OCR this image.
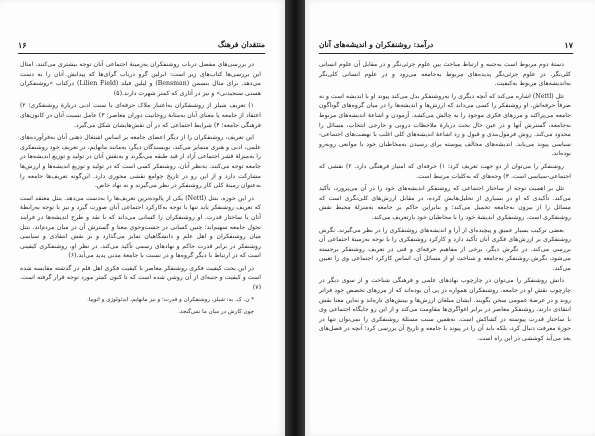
١۶	منتقدان فرهنگ

در بررسی‌های مفصل درباب روشنفکران به‌زمینهٔ اجتماعی آنان توجه بیشتری می‌کنند. امثال این بررسی‌ها کتاب‌های زیر است: ابرلین گرو درباب گرای‌ها که پیدایش آنان را به دست می‌دهد. برای مثال بنسمن (Bensman) و لیلین فیلد (Lilien Field) درکتاب «روشنفکران هستی سنجیدنی» و نیز در آثاری که کمتر شهرت دارند.(۵)

۱) تعریف شیلز از روشنفکران به‌اعتبار ملاک حرفه‌ای با سنت ادبی دربارهٔ روشنفکری؛ ۲) اعتقاد از جامعه یا معنای آنان به‌مثابهٔ روحانیت دوران معاصر؛ ۳) عامل نسبت آنان در کانون‌های فرهنگی جامعه؛ ۴) شرایط اجتماعی که در آن نقش‌هایشان شکل می‌گیرد.

این تعریف، روشنفکران را از دیگر اعضای جامعه بر اساس اشتغال ذهنی آنان به‌فرآورده‌های علمی، ادبی و هنری متمایز می‌کند. نویسندگان دیگر، به‌مانند مانهایم، در تعریف خود روشنفکری را به‌منزلهٔ قشر اجتماعی آزاد از قید طبقه می‌نگرند و به‌نقش آنان در تولید و توزیع اندیشه‌ها در جامعه توجه می‌کنند. به‌نظر آنان، روشنفکر کسی است که در تولید و توزیع اندیشه‌ها و ارزش‌ها مشارکت دارد و از این رو در تاریخ جوامع نقشی محوری دارد. این‌گونه تعریف‌ها جامعه را به‌عنوان زمینهٔ کلی کار روشنفکر در نظر می‌گیرند و نه نهاد خاص.

در این حوزه، بنتل (Nettl) یکی از پالوده‌ترین تعریف‌ها را به‌دست می‌دهد. بنتل معتقد است که تعریف روشنفکر باید تنها با توجه به‌کارکرد اجتماعی آنان صورت گیرد و نیز با توجه به‌رابطهٔ آنان با ساختار قدرت. او روشنفکران را کسانی می‌داند که با نقد و طرح اندیشه‌ها در فرایند تحول جامعه سهیم‌اند؛ چنین کسانی در جست‌وجوی معنا و گسترش آن در میان مردم‌اند. بنتل میان روشنفکران و اهل علم و دانشگاهیان تمایز می‌گذارد و بر نقش انتقادی و سیاسی روشنفکر در برابر قدرت حاکم و نهادهای رسمی تأکید می‌کند. در نظر او، روشنفکری کیفیتی است که در ارتباط با دیگر گروه‌ها و در نسبت با جامعهٔ مدنی پدید می‌آید.(۶)

در این بحث کیفیت فکری روشنفکر معاصر با کیفیت فکری اهل قلم در گذشته مقایسه شده است و کیفیت و جنبه‌ای از آن روشن شده است که تا کنون کمتر مورد توجه قرار گرفته است.(۷)

* ن. ک. به: شیلز، روشنفکران و قدرت؛ و نیز مانهایم، ایدئولوژی و اتوپیا.

چون کارش در میان ما نمی‌گنجد.

١٧
درآمد: روشنفکران و اندیشه‌های آنان

دستهٔ دوم مربوط است به‌جنبه و ارتباط مباحث بین علوم جزئی‌نگر و در مقابل آن علوم انسانی کلی‌نگر. در علوم جزئی‌نگر پدیده‌های مربوط به‌جامعه می‌رود و در علوم انسانی کلی‌نگر به‌اندیشه‌های مربوط به‌کیفیت.

تئل (Nettl) اشاره می‌کند که آنچه دیگری را به‌روشنفکر بدل می‌کند پیوند او با اندیشه است و نه صرفاً حرفه‌اش. او روشنفکر را کسی می‌داند که ارزش‌ها و اندیشه‌ها را در میان گروه‌های گوناگون جامعه می‌پراکند و مرزهای فکری موجود را به چالش می‌کشد. آزمودن و اشاعهٔ اندیشه‌های مربوط به‌جامعه، گسترش آنها و در عین حال بحث دربارهٔ ملاحظات درونی و خارجی انتخاب، مسائل را محدود می‌کند. روش فرمول‌بندی و قبول و رد اشاعهٔ اندیشه‌های کلی اغلب با نهضت‌های اجتماعی-سیاسی پیوند می‌یابد. اندیشه‌های مخالف پیوسته برای رسیدن به‌مخاطبان خود با موانعی روبه‌رو بوده‌اند.

روشنفکر را می‌توان از دو جهت تعریف کرد: ۱) حرفه‌ای که امتیاز فرهنگی دارد. ۲) نقشی که اجتماعی-سیاسی است. ۳) وجه‌های که به‌کلیات مرتبط است.

تئل بر اهمیت توجه از ساختار اجتماعی که روشنفکر اندیشه‌های خود را در آن می‌پرورد، تأکید می‌کند. تأکیدی که او در بسیاری از تحلیل‌هایش کرده، در مقابل ارزش‌های کلی‌نگری است که مسائل را از بیرون به‌جامعه تحمیل می‌کند؛ و بنابراین حاکم بر جامعه به‌منزلهٔ محیط نقش روشنفکری است. روشنفکری اندیشهٔ خود را با مخاطبان خود بازتعریف می‌کند.

بعضی ترکیب بسیار عمیق و پیچیده‌ای از آرا و اندیشه‌های روشنفکری را در نظر می‌گیرند. نگرش روشنفکری بر ارزش‌های فکری آنان تأکید دارد و کارکرد روشنفکری را با توجه به‌زمینهٔ اجتماعی آن بررسی می‌کند. در نگرش دیگر، برخی از مفاهیم حرفه‌ای و فنی در تعریف روشنفکر برجسته می‌شود. نگرش روشنفکر به‌جامعه و شناخت او از مسائل آن، اساس کارکرد اجتماعی وی را تعیین می‌کند.

دانش روشنفکر را می‌توان در چارچوب نهادهای علمی و فرهنگی شناخت و از سوی دیگر در چارچوب نقش او در جامعه. روشنفکران همواره در پی آن بوده‌اند که از مرزهای تخصص خود فراتر روند و در عرصهٔ عمومی سخن بگویند. ایشان مبلغان ارزش‌ها و بینش‌های تازه‌اند و به‌این معنا نقش انتقادی دارند. روشنفکر معاصر در برابر اغواگری‌ها مقاومت می‌کند و از این رو جایگاه اجتماعی وی با ساختار قدرت پیوسته در کشاکش است. به‌همین سبب مسئلهٔ روشنفکری را نمی‌توان تنها در حوزهٔ معرفت دنبال کرد، بلکه باید آن را در پیوند با جامعه و تاریخ آن بررسی کرد؛ آنچه در فصل‌های بعد می‌آید کوششی در این راه است.
